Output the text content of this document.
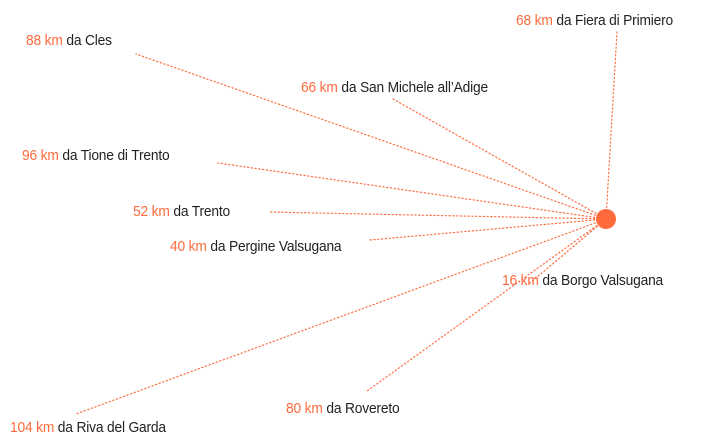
88 km da Cles
68 km da Fiera di Primiero
66 km da San Michele all’Adige
96 km da Tione di Trento
52 km da Trento
40 km da Pergine Valsugana
16 km da Borgo Valsugana
80 km da Rovereto
104 km da Riva del Garda
